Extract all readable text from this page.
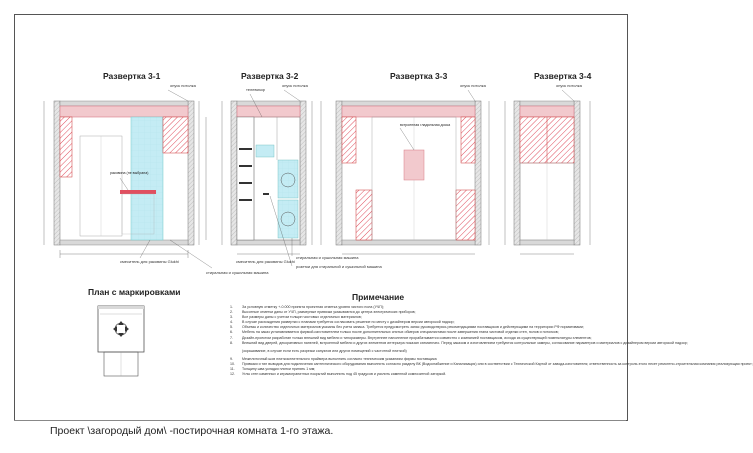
Развертка 3-1	Развертка 3-2	Развертка 3-3	Развертка 3-4
опуск потолка
раковина (не выбрана)
смеситель для раковины Glukhi
стиральная и сушильная машина
опуск потолка
телевизор
смеситель для раковины Glukhi
стиральная и сушильная машина
розетки для стиральной и сушильной машина
опуск потолка
встроенная гладильная доска
опуск потолка
План с маркировками	Примечание
1.	За условную отметку +-0.000 принята проектная отметка уровня чистого пола (УЧП);
2.	Высотные отметки даны от УЧП, размерные привязки указываются до центра электрических приборов;
3.	Все размеры даны с учетом толщин чистовых отделочных материалов;
4.	В случае расхождения развертки с планами требуется согласовать решение по месту с дизайнером версии авторской надзор;
5.	Объемы и количество отделочных материалов указаны без учета запаса. Требуется предусмотреть запас руководствуясь рекомендациями поставщиков и действующими на территории РФ нормативами;
6.	Мебель на заказ устанавливается фирмой-изготовителем только после дополнительных снятых обмеров специалистами после завершения этапа чистовой отделки стен, полов и потолков;
7.	Дизайн-проектом разработан только внешний вид мебели и типоразмеры. Внутреннее наполнение прорабатывается совместно с компанией поставщиком, исходя из существующей номенклатуры элементов;
8.	Внешний вид дверей, декоративных панелей, встроенной мебели и других элементов интерьера показан схематично. Перед заказом и изготовлением требуются контрольные замеры, согласование параметров и материалов с дизайнером версии авторской надзор;
(окрашивание, в случае если есть разрезки санузлов или других помещений с частотной плиткой)
9.	Межплиточный шов плиткоклеительного праймера выполнить согласно техническим указаниям фирмы поставщика
10.	Привязки и тип выводов для подключения сантехнического оборудования выполнить согласно разделу ВК (Водоснабжение и Канализация) или в соответствии с Технической Картой от завода-изготовителя; ответственность за контроль этого несет ремонтно-строительная компания реализующая проект;
11.	Толщину шва укладки плитки принять 1 мм;
12.	Углы стен каменных и керамогранитных покрытий выполнить под 45 градусов и усилить каменной композитной затиркой.
Проект \загородый дом\ -постирочная комната 1-го этажа.
